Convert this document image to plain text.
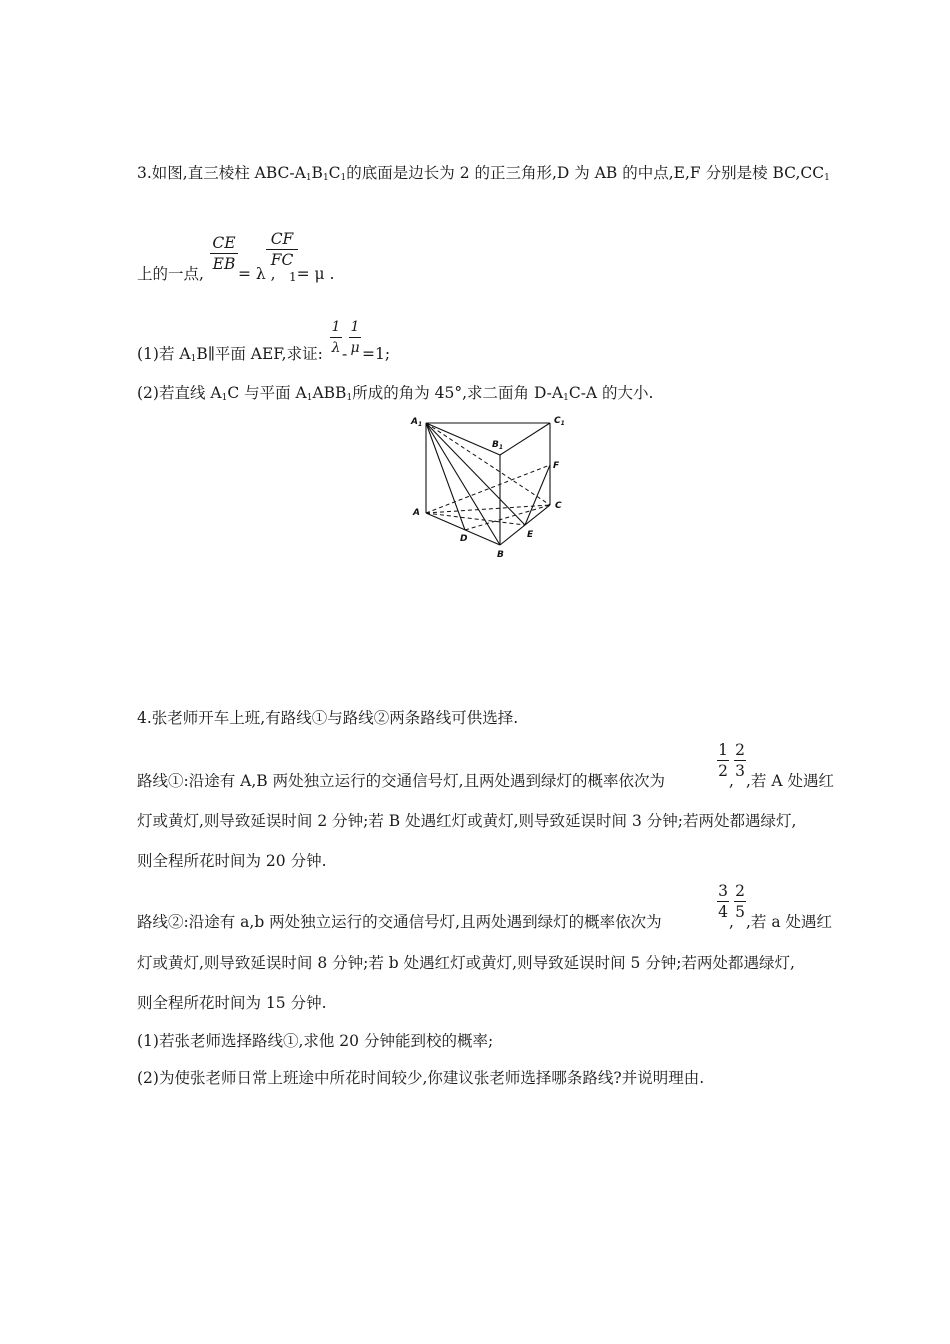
3.如图,直三棱柱 ABC-$A_1B_1C_1$的底面是边长为 2 的正三角形,D 为 AB 的中点,E,F 分别是棱 $BC,CC_1$
上的一点,
CE
EB
= λ ,
CF
FC
1= μ .
(1)若 $A_1B\parallel$平面 AEF,求证:
1
λ -
1
μ =1;
(2)若直线 $A_1C$ 与平面 $A_1ABB_1$所成的角为 45°,求二面角 $D-A_1C-A$ 的大小.
$A_1$
$B_1$
$C_1$
F
A
C
D	E
B
4.张老师开车上班,有路线①与路线②两条路线可供选择.
路线①:沿途有 A,B 两处独立运行的交通信号灯,且两处遇到绿灯的概率依次为
1
2
,
2
3
,若 A 处遇红
灯或黄灯,则导致延误时间 2 分钟;若 B 处遇红灯或黄灯,则导致延误时间 3 分钟;若两处都遇绿灯,
则全程所花时间为 20 分钟.
路线②:沿途有 a,b 两处独立运行的交通信号灯,且两处遇到绿灯的概率依次为
3
4
,
2
5
,若 a 处遇红
灯或黄灯,则导致延误时间 8 分钟;若 b 处遇红灯或黄灯,则导致延误时间 5 分钟;若两处都遇绿灯,
则全程所花时间为 15 分钟.
(1)若张老师选择路线①,求他 20 分钟能到校的概率;
(2)为使张老师日常上班途中所花时间较少,你建议张老师选择哪条路线?并说明理由.
